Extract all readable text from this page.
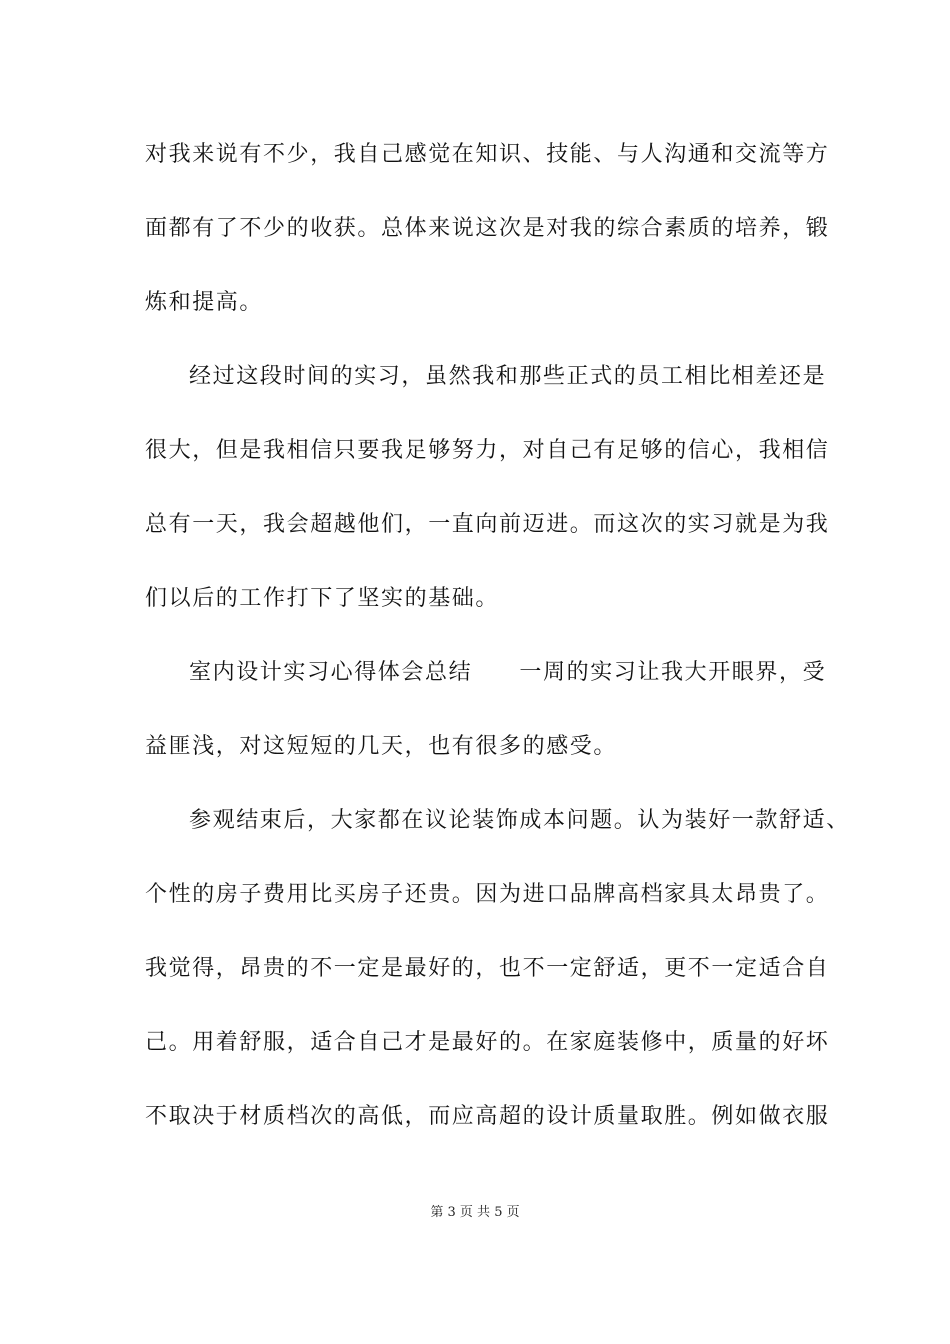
对我来说有不少，我自己感觉在知识、技能、与人沟通和交流等方
面都有了不少的收获。总体来说这次是对我的综合素质的培养，锻
炼和提高。
经过这段时间的实习，虽然我和那些正式的员工相比相差还是
很大，但是我相信只要我足够努力，对自己有足够的信心，我相信
总有一天，我会超越他们，一直向前迈进。而这次的实习就是为我
们以后的工作打下了坚实的基础。
室内设计实习心得体会总结　　一周的实习让我大开眼界，受
益匪浅，对这短短的几天，也有很多的感受。
参观结束后，大家都在议论装饰成本问题。认为装好一款舒适、
个性的房子费用比买房子还贵。因为进口品牌高档家具太昂贵了。
我觉得，昂贵的不一定是最好的，也不一定舒适，更不一定适合自
己。用着舒服，适合自己才是最好的。在家庭装修中，质量的好坏
不取决于材质档次的高低，而应高超的设计质量取胜。例如做衣服
第 3 页 共 5 页
